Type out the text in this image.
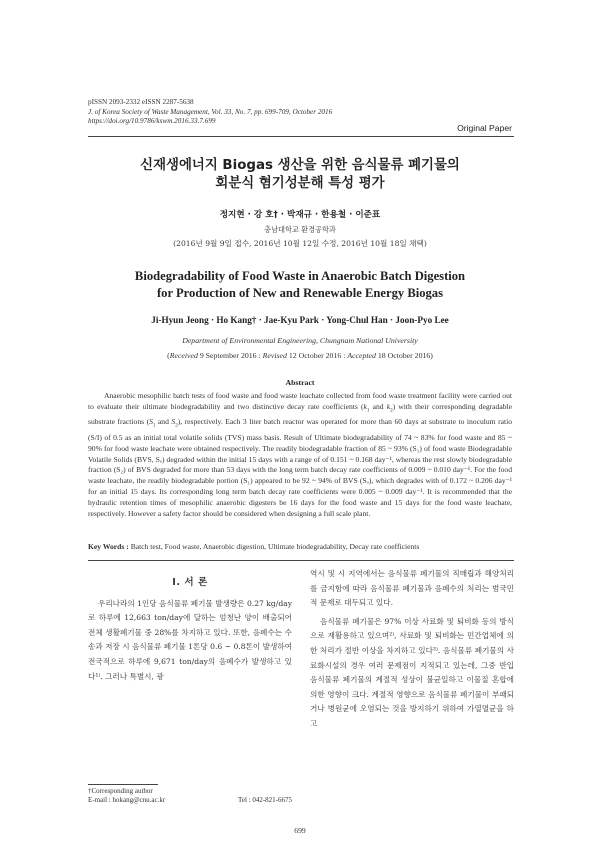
pISSN 2093-2332 eISSN 2287-5638
J. of Korea Society of Waste Management, Vol. 33, No. 7, pp. 699-709, October 2016
https://doi.org/10.9786/kswm.2016.33.7.699
Original Paper
신재생에너지 Biogas 생산을 위한 음식물류 폐기물의
회분식 혐기성분해 특성 평가
정지현 · 강 호† · 박재규 · 한용철 · 이준표
충남대학교 환경공학과
(2016년 9월 9일 접수, 2016년 10월 12일 수정, 2016년 10월 18일 채택)
Biodegradability of Food Waste in Anaerobic Batch Digestion
for Production of New and Renewable Energy Biogas
Ji-Hyun Jeong · Ho Kang† · Jae-Kyu Park · Yong-Chul Han · Joon-Pyo Lee
Department of Environmental Engineering, Chungnam National University
(Received 9 September 2016 : Revised 12 October 2016 : Accepted 18 October 2016)
Abstract
Anaerobic mesophilic batch tests of food waste and food waste leachate collected from food waste treatment facility were carried out to evaluate their ultimate biodegradability and two distinctive decay rate coefficients ($k_1$ and $k_2$) with their corresponding degradable substrate fractions ($S_1$ and $S_2$), respectively. Each 3 liter batch reactor was operated for more than 60 days at substrate to inoculum ratio (S/I) of 0.5 as an initial total volatile solids (TVS) mass basis. Result of Ultimate biodegradability of 74 ~ 83% for food waste and 85 ~ 90% for food waste leachate were obtained respectively. The readily biodegradable fraction of 85 ~ 93% (S₁) of food waste Biodegradable Volatile Solids (BVS, Sₒ) degraded within the initial 15 days with a range of of 0.151 ~ 0.168 day⁻¹, whereas the rest slowly biodegradable fraction (S₂) of BVS degraded for more than 53 days with the long term batch decay rate coefficients of 0.009 ~ 0.010 day⁻¹. For the food waste leachate, the readily biodegradable portion (S₁) appeared to be 92 ~ 94% of BVS (Sₒ), which degrades with of 0.172 ~ 0.206 day⁻¹ for an initial 15 days. Its corresponding long term batch decay rate coefficients were 0.005 ~ 0.009 day⁻¹. It is recommended that the hydraulic retention times of mesophilic anaerobic digesters be 16 days for the food waste and 15 days for the food waste leachate, respectively. However a safety factor should be considered when designing a full scale plant.
Key Words : Batch test, Food waste, Anaerobic digestion, Ultimate biodegradability, Decay rate coefficients
I. 서 론
우리나라의 1인당 음식물류 폐기물 발생량은 0.27 kg/day로 하루에 12,663 ton/day에 달하는 엄청난 양이 배출되어 전체 생활폐기물 중 28%를 차지하고 있다. 또한, 음폐수는 수송과 저장 시 음식물류 폐기물 1톤당 0.6 ~ 0.8톤이 발생하여 전국적으로 하루에 9,671 ton/day의 음폐수가 발생하고 있다¹⁾. 그러나 특별시, 광
역시 및 시 지역에서는 음식물류 폐기물의 직매립과 해양처리를 금지함에 따라 음식물류 폐기물과 음폐수의 처리는 범국민적 문제로 대두되고 있다.
음식물류 폐기물은 97% 이상 사료화 및 퇴비화 등의 방식으로 재활용하고 있으며²⁾, 사료화 및 퇴비화는 민간업체에 의한 처리가 절반 이상을 차지하고 있다³⁾. 음식물류 폐기물의 사료화시설의 경우 여러 문제점이 지적되고 있는데, 그중 반입 음식물류 폐기물의 계절적 성상이 불균일하고 이물질 혼합에 의한 영향이 크다. 계절적 영향으로 음식물류 폐기물이 부패되거나 병원균에 오염되는 것을 방지하기 위하여 가열멸균을 하고
†Corresponding author
E-mail : hokang@cnu.ac.kr	Tel : 042-821-6675
699
